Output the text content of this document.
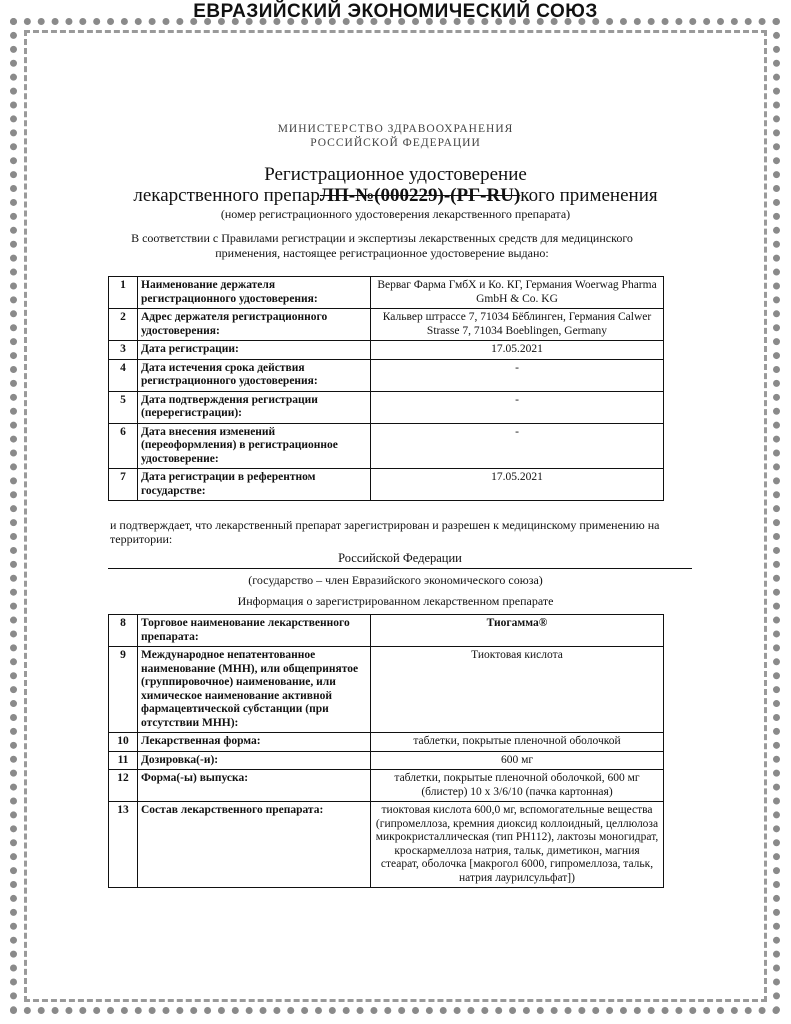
ЕВРАЗИЙСКИЙ ЭКОНОМИЧЕСКИЙ СОЮЗ
МИНИСТЕРСТВО ЗДРАВООХРАНЕНИЯ
РОССИЙСКОЙ ФЕДЕРАЦИИ
Регистрационное удостоверение
лекарственного препарЛП-№(000229)-(РГ-RU)кого применения
(номер регистрационного удостоверения лекарственного препарата)
В соответствии с Правилами регистрации и экспертизы лекарственных средств для медицинского применения, настоящее регистрационное удостоверение выдано:
1	Наименование держателя регистрационного удостоверения:	Верваг Фарма ГмбХ и Ко. КГ, Германия Woerwag Pharma GmbH & Co. KG
2	Адрес держателя регистрационного удостоверения:	Кальвер штрассе 7, 71034 Бёблинген, Германия Calwer Strasse 7, 71034 Boeblingen, Germany
3	Дата регистрации:	17.05.2021
4	Дата истечения срока действия регистрационного удостоверения:	-
5	Дата подтверждения регистрации (перерегистрации):	-
6	Дата внесения изменений (переоформления) в регистрационное удостоверение:	-
7	Дата регистрации в референтном государстве:	17.05.2021
и подтверждает, что лекарственный препарат зарегистрирован и разрешен к медицинскому применению на территории:
Российской Федерации
(государство – член Евразийского экономического союза)
Информация о зарегистрированном лекарственном препарате
8	Торговое наименование лекарственного препарата:	Тиогамма®
9	Международное непатентованное наименование (МНН), или общепринятое (группировочное) наименование, или химическое наименование активной фармацевтической субстанции (при отсутствии МНН):	Тиоктовая кислота
10	Лекарственная форма:	таблетки, покрытые пленочной оболочкой
11	Дозировка(-и):	600 мг
12	Форма(-ы) выпуска:	таблетки, покрытые пленочной оболочкой, 600 мг (блистер) 10 x 3/6/10 (пачка картонная)
13	Состав лекарственного препарата:	тиоктовая кислота 600,0 мг, вспомогательные вещества (гипромеллоза, кремния диоксид коллоидный, целлюлоза микрокристаллическая (тип PH112), лактозы моногидрат, кроскармеллоза натрия, тальк, диметикон, магния стеарат, оболочка [макрогол 6000, гипромеллоза, тальк, натрия лаурилсульфат])
